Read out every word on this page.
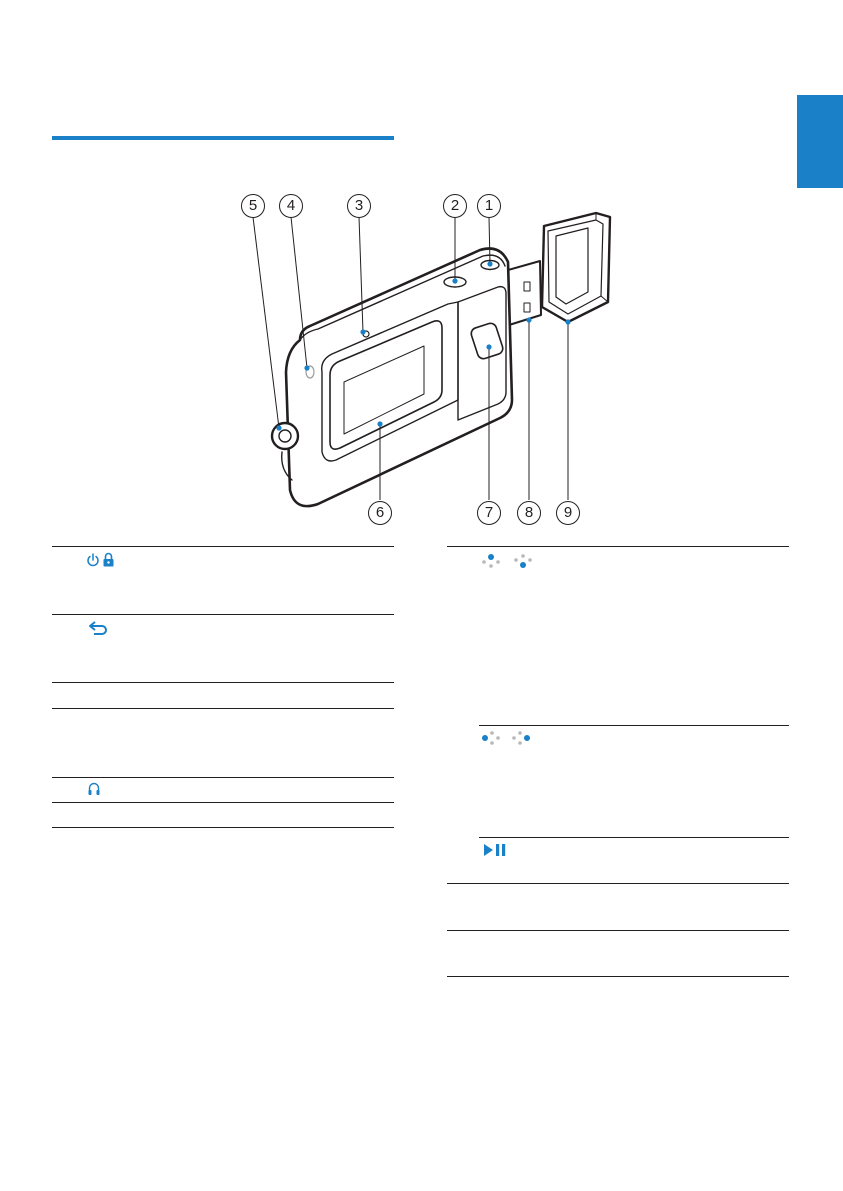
5	4	3	2	1
6	7	8	9
